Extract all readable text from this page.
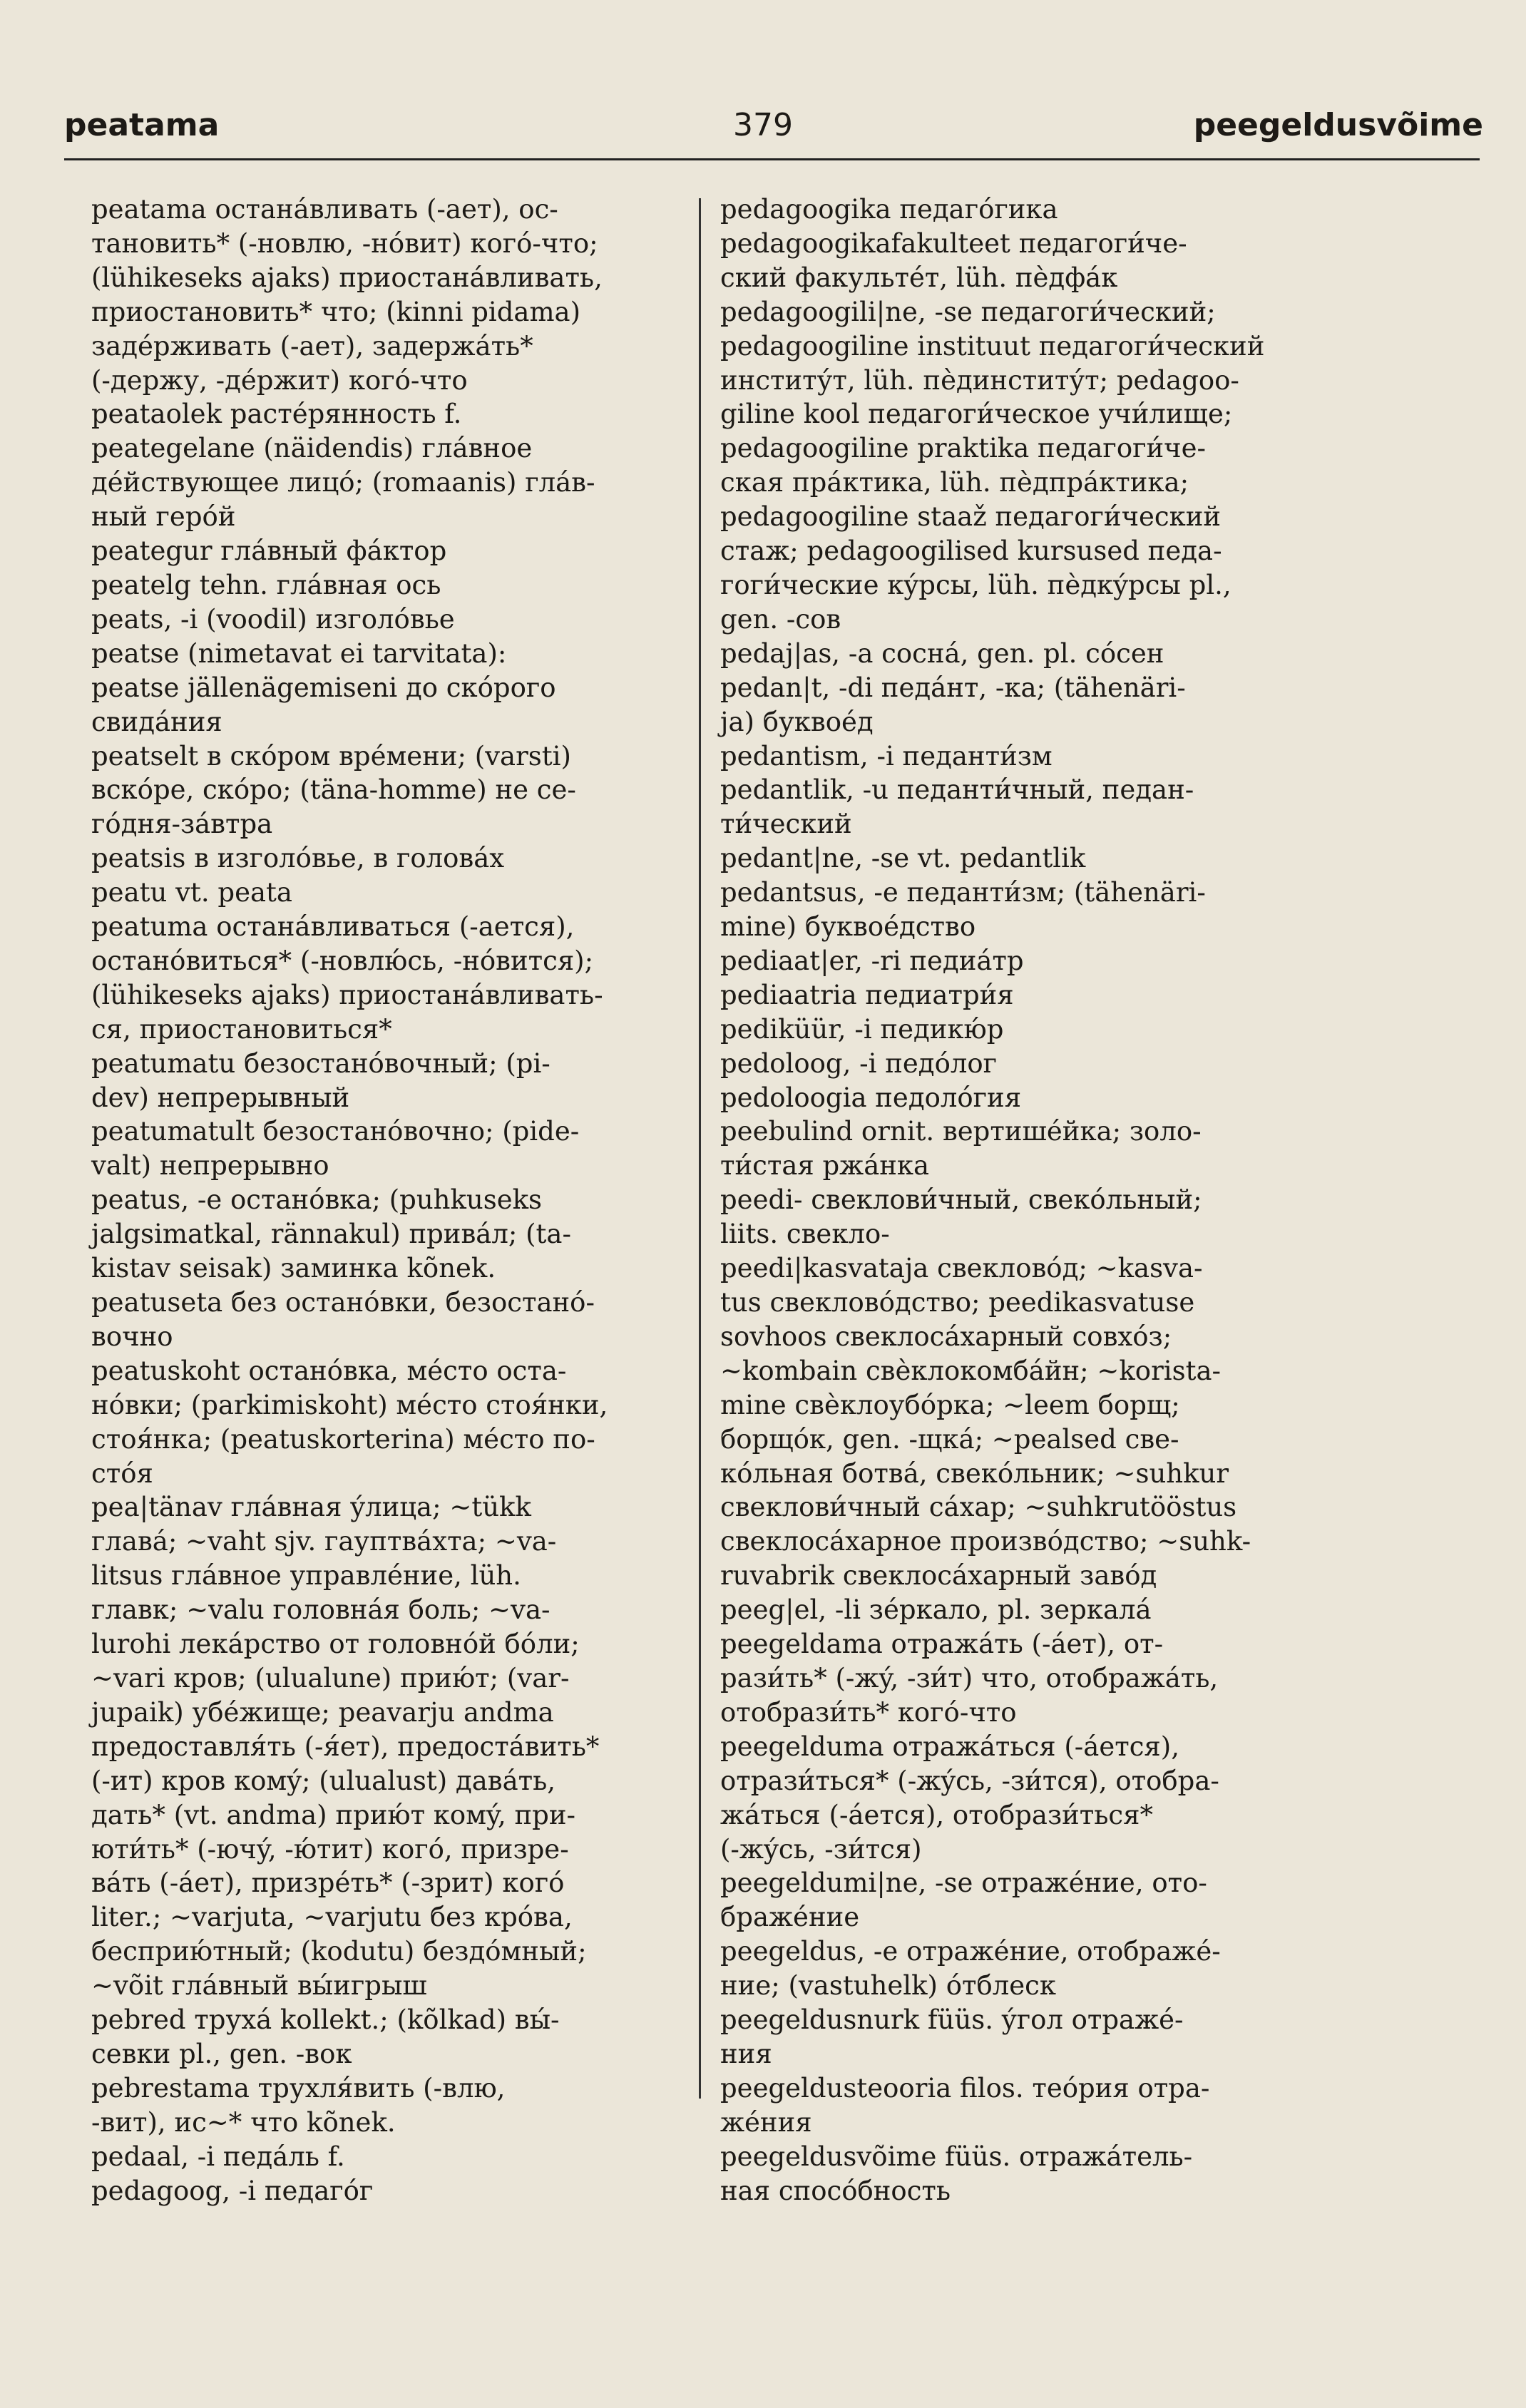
peatama	379	peegeldusvõime
peatama останáвливать (-ает), ос-
тановить* (-новлю, -нóвит) когó-что;
(lühikeseks ajaks) приостанáвливать,
приостановить* что; (kinni pidama)
задéрживать (-ает), задержáть*
(-держу, -дéржит) когó-что
peataolek растéрянность f.
peategelane (näidendis) глáвное
дéйствующее лицó; (romaanis) глáв-
ный герóй
peategur глáвный фáктор
peatelg tehn. глáвная ось
peats, -i (voodil) изголóвье
peatse (nimetavat ei tarvitata):
peatse jällenägemiseni до скóрого
свидáния
peatselt в скóром врéмени; (varsti)
вскóре, скóро; (täna-homme) не се-
гóдня-зáвтра
peatsis в изголóвье, в головáх
peatu vt. peata
peatuma останáвливаться (-ается),
останóвиться* (-новлю́сь, -нóвится);
(lühikeseks ajaks) приостанáвливать-
ся, приостановиться*
peatumatu безостанóвочный; (pi-
dev) непрерывный
peatumatult безостанóвочно; (pide-
valt) непрерывно
peatus, -e останóвка; (puhkuseks
jalgsimatkal, rännakul) привáл; (ta-
kistav seisak) заминка kõnek.
peatuseta без останóвки, безостанó-
вочно
peatuskoht останóвка, мéсто оста-
нóвки; (parkimiskoht) мéсто стоя́нки,
стоя́нка; (peatuskorterina) мéсто по-
стóя
pea|tänav глáвная ýлица; ~tükk
главá; ~vaht sjv. гауптвáхта; ~va-
litsus глáвное управлéние, lüh.
главк; ~valu головнáя боль; ~va-
lurohi лекáрство от головнóй бóли;
~vari кров; (ulualune) прию́т; (var-
jupaik) убéжище; peavarju andma
предоставля́ть (-я́ет), предостáвить*
(-ит) кров комý; (ulualust) давáть,
дать* (vt. andma) прию́т комý, при-
юти́ть* (-ючý, -ю́тит) когó, призре-
вáть (-áет), призрéть* (-зрит) когó
liter.; ~varjuta, ~varjutu без крóва,
бесприю́тный; (kodutu) бездóмный;
~võit глáвный вы́игрыш
pebred трухá kollekt.; (kõlkad) вы́-
севки pl., gen. -вок
pebrestama трухля́вить (-влю,
-вит), ис~* что kõnek.
pedaal, -i педáль f.
pedagoog, -i педагóг
pedagoogika педагóгика
pedagoogikafakulteet педагоги́че-
ский факультéт, lüh. пѐдфáк
pedagoogili|ne, -se педагоги́ческий;
pedagoogiline instituut педагоги́ческий
институ́т, lüh. пѐдинститу́т; pedagoo-
giline kool педагоги́ческое учи́лище;
pedagoogiline praktika педагоги́че-
ская прáктика, lüh. пѐдпрáктика;
pedagoogiline staaž педагоги́ческий
стаж; pedagoogilised kursused педа-
гоги́ческие кýрсы, lüh. пѐдкýрсы pl.,
gen. -сов
pedaj|as, -a соснá, gen. pl. сóсен
pedan|t, -di педáнт, -ка; (tähenäri-
ja) буквоéд
pedantism, -i педанти́зм
pedantlik, -u педанти́чный, педан-
ти́ческий
pedant|ne, -se vt. pedantlik
pedantsus, -e педанти́зм; (tähenäri-
mine) буквоéдство
pediaat|er, -ri педиáтр
pediaatria педиатри́я
pediküür, -i педикю́р
pedoloog, -i педóлог
pedoloogia педолóгия
peebulind ornit. вертишéйка; золо-
ти́стая ржáнка
peedi- свеклови́чный, свекóльный;
liits. свекло-
peedi|kasvataja свекловóд; ~kasva-
tus свекловóдство; peedikasvatuse
sovhoos свеклосáхарный совхóз;
~kombain свѐклокомбáйн; ~korista-
mine свѐклоубóрка; ~leem борщ;
борщóк, gen. -щкá; ~pealsed све-
кóльная ботвá, свекóльник; ~suhkur
свеклови́чный сáхар; ~suhkrutööstus
свеклосáхарное произвóдство; ~suhk-
ruvabrik свеклосáхарный завóд
peeg|el, -li зéркало, pl. зеркалá
peegeldama отражáть (-áет), от-
рази́ть* (-жý, -зи́т) что, отображáть,
отобрази́ть* когó-что
peegelduma отражáться (-áется),
отрази́ться* (-жýсь, -зи́тся), отобра-
жáться (-áется), отобрази́ться*
(-жýсь, -зи́тся)
peegeldumi|ne, -se отражéние, ото-
бражéние
peegeldus, -e отражéние, отображé-
ние; (vastuhelk) óтблеск
peegeldusnurk füüs. ýгол отражé-
ния
peegeldusteooria filos. теóрия отра-
жéния
peegeldusvõime füüs. отражáтель-
ная спосóбность
